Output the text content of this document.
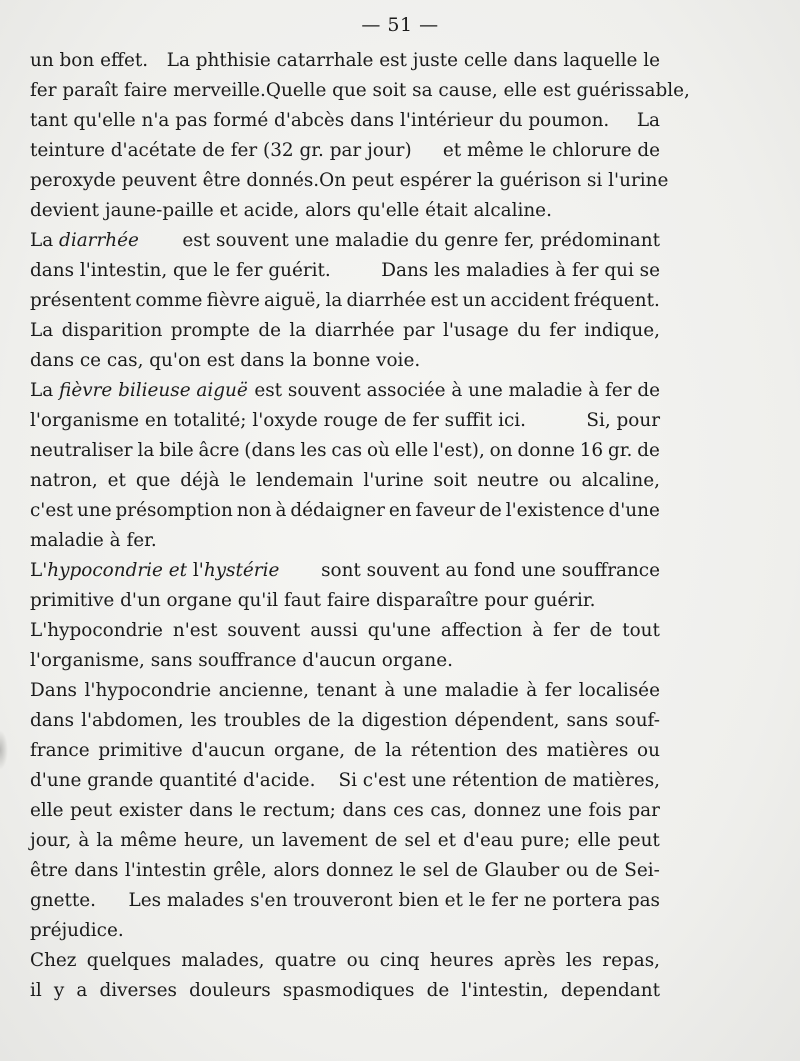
— 51 —
un bon effet. La phthisie catarrhale est juste celle dans laquelle le
fer paraît faire merveille. Quelle que soit sa cause, elle est guérissable,
tant qu'elle n'a pas formé d'abcès dans l'intérieur du poumon. La
teinture d'acétate de fer (32 gr. par jour) et même le chlorure de
peroxyde peuvent être donnés. On peut espérer la guérison si l'urine
devient jaune-paille et acide, alors qu'elle était alcaline.
La diarrhée est souvent une maladie du genre fer, prédominant
dans l'intestin, que le fer guérit.	Dans les maladies à fer qui se
présentent comme fièvre aiguë, la diarrhée est un accident fréquent.
La disparition prompte de la diarrhée par l'usage du fer indique,
dans ce cas, qu'on est dans la bonne voie.
La fièvre bilieuse aiguë est souvent associée à une maladie à fer de
l'organisme en totalité; l'oxyde rouge de fer suffit ici.	Si, pour
neutraliser la bile âcre (dans les cas où elle l'est), on donne 16 gr. de
natron, et que déjà le lendemain l'urine soit neutre ou alcaline,
c'est une présomption non à dédaigner en faveur de l'existence d'une
maladie à fer.
L'hypocondrie et l'hystérie sont souvent au fond une souffrance
primitive d'un organe qu'il faut faire disparaître pour guérir.
L'hypocondrie n'est souvent aussi qu'une affection à fer de tout
l'organisme, sans souffrance d'aucun organe.
Dans l'hypocondrie ancienne, tenant à une maladie à fer localisée
dans l'abdomen, les troubles de la digestion dépendent, sans souf-
france primitive d'aucun organe, de la rétention des matières ou
d'une grande quantité d'acide. Si c'est une rétention de matières,
elle peut exister dans le rectum; dans ces cas, donnez une fois par
jour, à la même heure, un lavement de sel et d'eau pure; elle peut
être dans l'intestin grêle, alors donnez le sel de Glauber ou de Sei-
gnette. Les malades s'en trouveront bien et le fer ne portera pas
préjudice.
Chez quelques malades, quatre ou cinq heures après les repas,
il y a diverses douleurs spasmodiques de l'intestin, dependant
